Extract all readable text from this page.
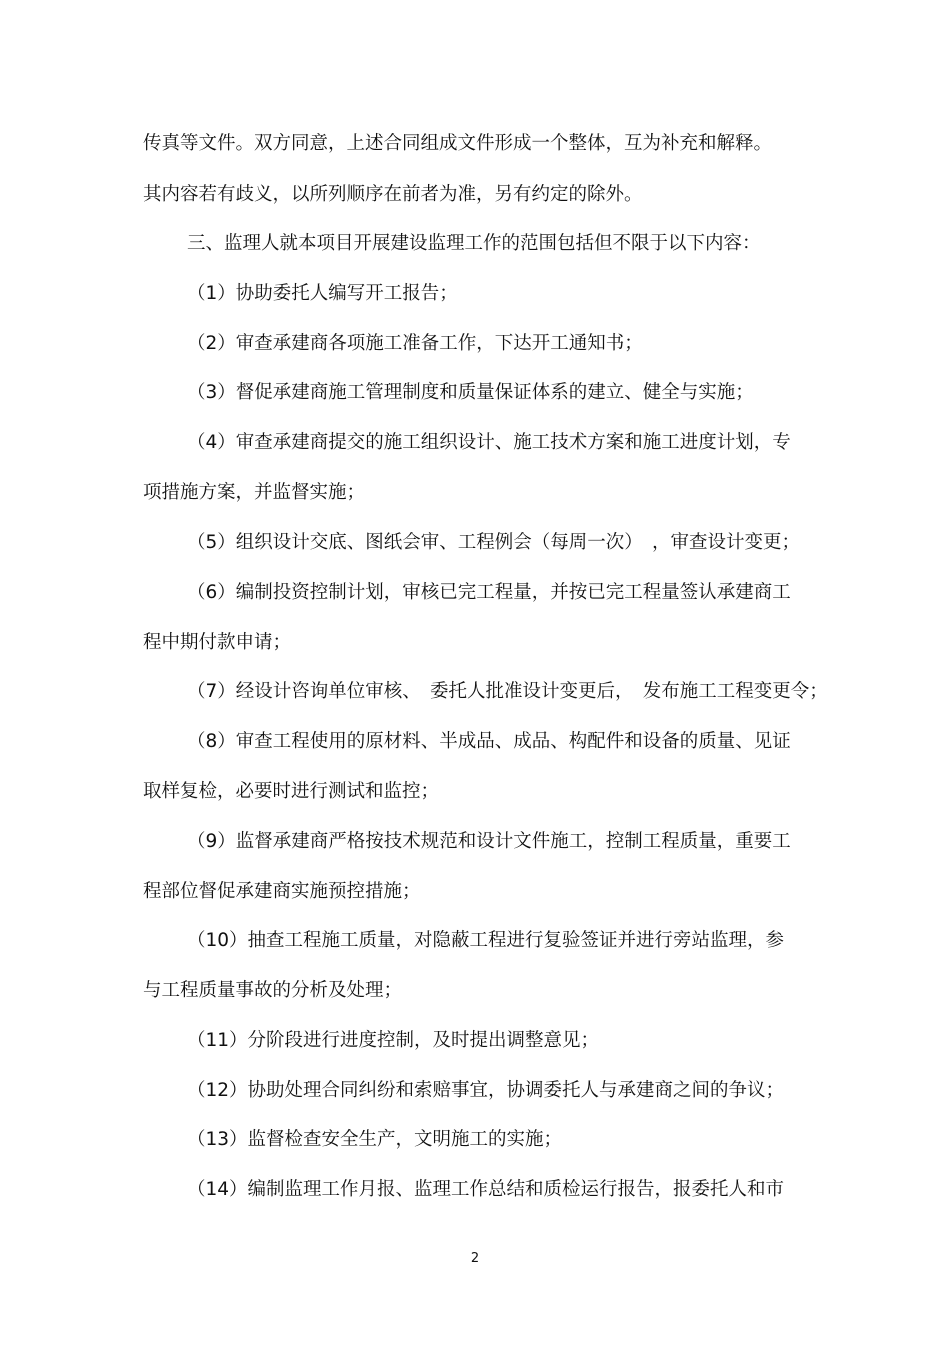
传真等文件。双方同意，上述合同组成文件形成一个整体，互为补充和解释。
其内容若有歧义，以所列顺序在前者为准，另有约定的除外。
三、监理人就本项目开展建设监理工作的范围包括但不限于以下内容：
（1）协助委托人编写开工报告；
（2）审查承建商各项施工准备工作，下达开工通知书；
（3）督促承建商施工管理制度和质量保证体系的建立、健全与实施；
（4）审查承建商提交的施工组织设计、施工技术方案和施工进度计划，专
项措施方案，并监督实施；
（5）组织设计交底、图纸会审、工程例会（每周一次）　，审查设计变更；
（6）编制投资控制计划，审核已完工程量，并按已完工程量签认承建商工
程中期付款申请；
（7）经设计咨询单位审核、　委托人批准设计变更后，　发布施工工程变更令；
（8）审查工程使用的原材料、半成品、成品、构配件和设备的质量、见证
取样复检，必要时进行测试和监控；
（9）监督承建商严格按技术规范和设计文件施工，控制工程质量，重要工
程部位督促承建商实施预控措施；
（10）抽查工程施工质量，对隐蔽工程进行复验签证并进行旁站监理，参
与工程质量事故的分析及处理；
（11）分阶段进行进度控制，及时提出调整意见；
（12）协助处理合同纠纷和索赔事宜，协调委托人与承建商之间的争议；
（13）监督检查安全生产，文明施工的实施；
（14）编制监理工作月报、监理工作总结和质检运行报告，报委托人和市
2
